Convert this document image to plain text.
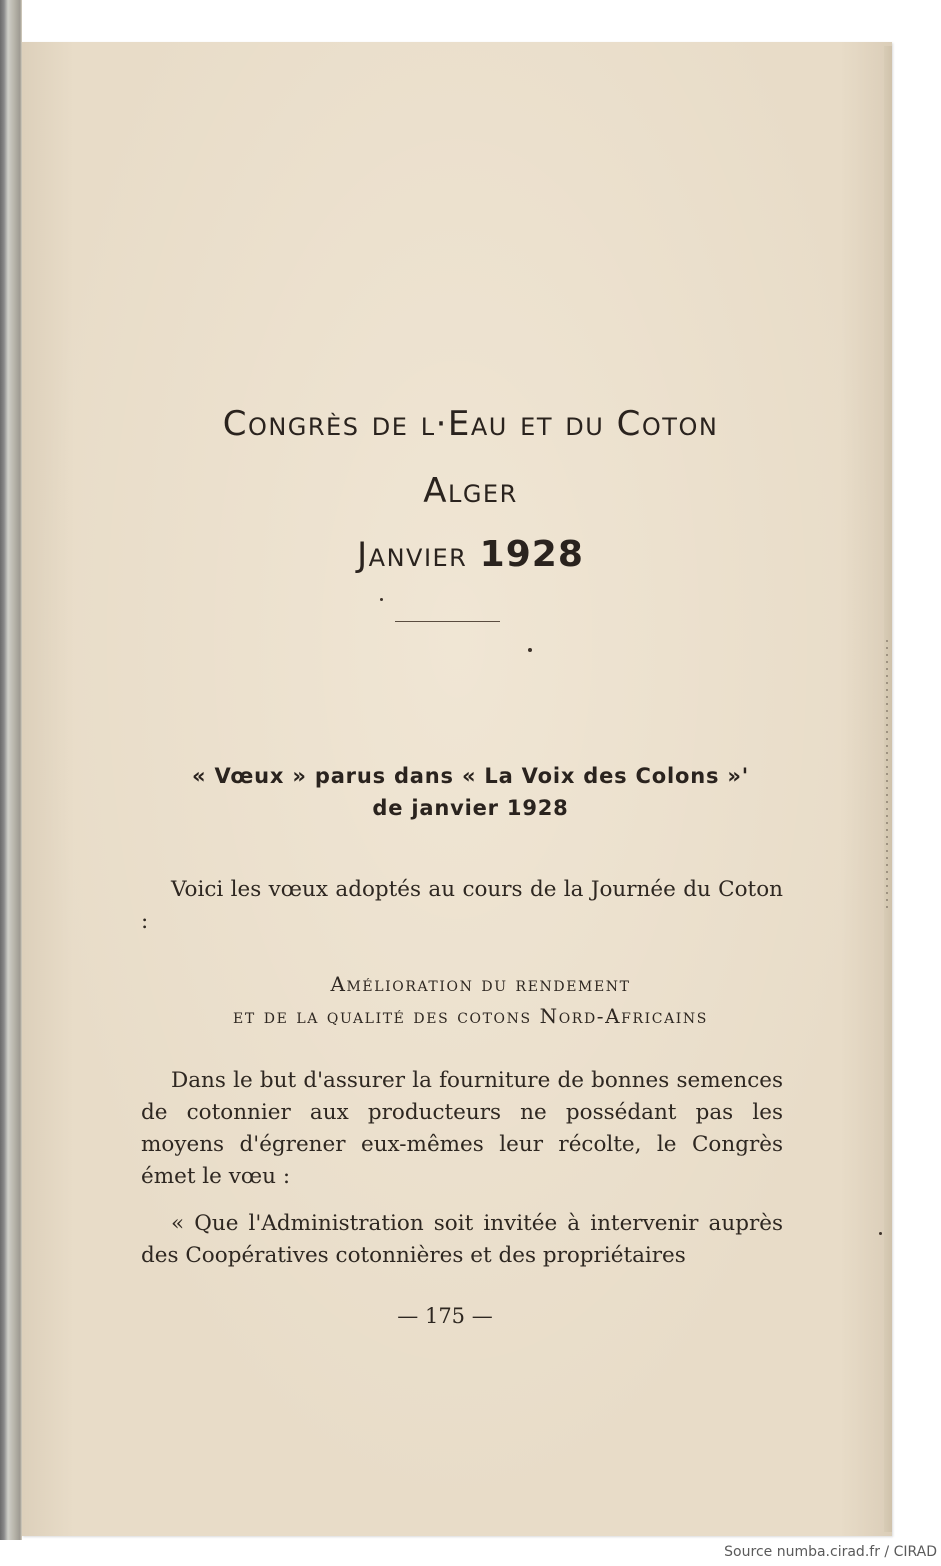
Congrès de l·Eau et du Coton
Alger
Janvier 1928
« Vœux » parus dans « La Voix des Colons »'
de janvier 1928
Voici les vœux adoptés au cours de la Journée du Coton :
Amélioration du rendement
et de la qualité des cotons Nord-Africains
Dans le but d'assurer la fourniture de bonnes semences de cotonnier aux producteurs ne possédant pas les moyens d'égrener eux-mêmes leur récolte, le Congrès émet le vœu :
« Que l'Administration soit invitée à intervenir auprès des Coopératives cotonnières et des propriétaires
— 175 —
Source numba.cirad.fr / CIRAD
